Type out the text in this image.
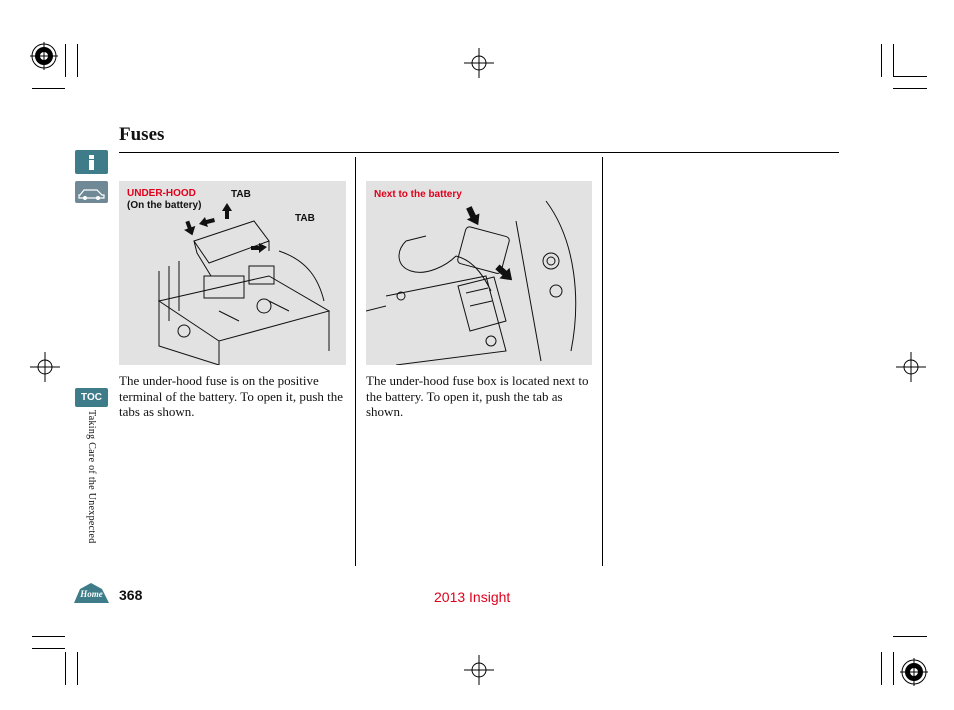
Fuses
TOC
Taking Care of the Unexpected
Home
UNDER-HOOD
(On the battery)
TAB
TAB
Next to the battery
The under-hood fuse is on the positive terminal of the battery. To open it, push the tabs as shown.
The under-hood fuse box is located next to the battery. To open it, push the tab as shown.
368	2013 Insight
